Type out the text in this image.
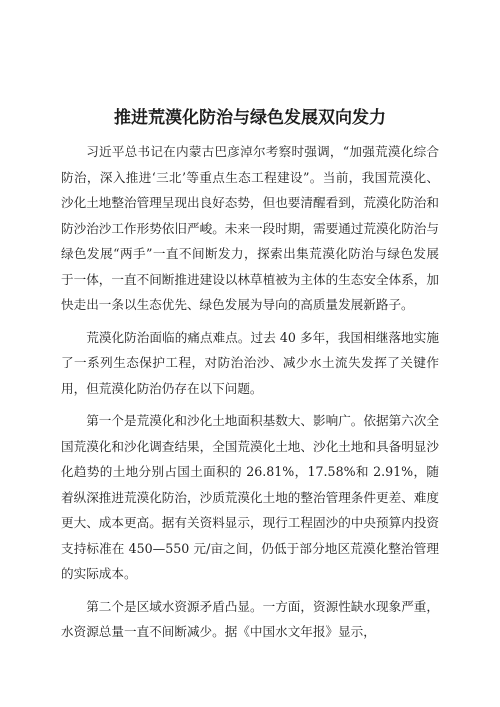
推进荒漠化防治与绿色发展双向发力

习近平总书记在内蒙古巴彦淖尔考察时强调，“加强荒漠化综合防治，深入推进‘三北’等重点生态工程建设”。当前，我国荒漠化、沙化土地整治管理呈现出良好态势，但也要清醒看到，荒漠化防治和防沙治沙工作形势依旧严峻。未来一段时期，需要通过荒漠化防治与绿色发展“两手”一直不间断发力，探索出集荒漠化防治与绿色发展于一体，一直不间断推进建设以林草植被为主体的生态安全体系，加快走出一条以生态优先、绿色发展为导向的高质量发展新路子。

荒漠化防治面临的痛点难点。过去 40 多年，我国相继落地实施了一系列生态保护工程，对防治治沙、减少水土流失发挥了关键作用，但荒漠化防治仍存在以下问题。

第一个是荒漠化和沙化土地面积基数大、影响广。依据第六次全国荒漠化和沙化调查结果，全国荒漠化土地、沙化土地和具备明显沙化趋势的土地分别占国土面积的 26.81%，17.58%和 2.91%，随着纵深推进荒漠化防治，沙质荒漠化土地的整治管理条件更差、难度更大、成本更高。据有关资料显示，现行工程固沙的中央预算内投资支持标准在 450—550 元/亩之间，仍低于部分地区荒漠化整治管理的实际成本。

第二个是区域水资源矛盾凸显。一方面，资源性缺水现象严重，水资源总量一直不间断减少。据《中国水文年报》显示，
